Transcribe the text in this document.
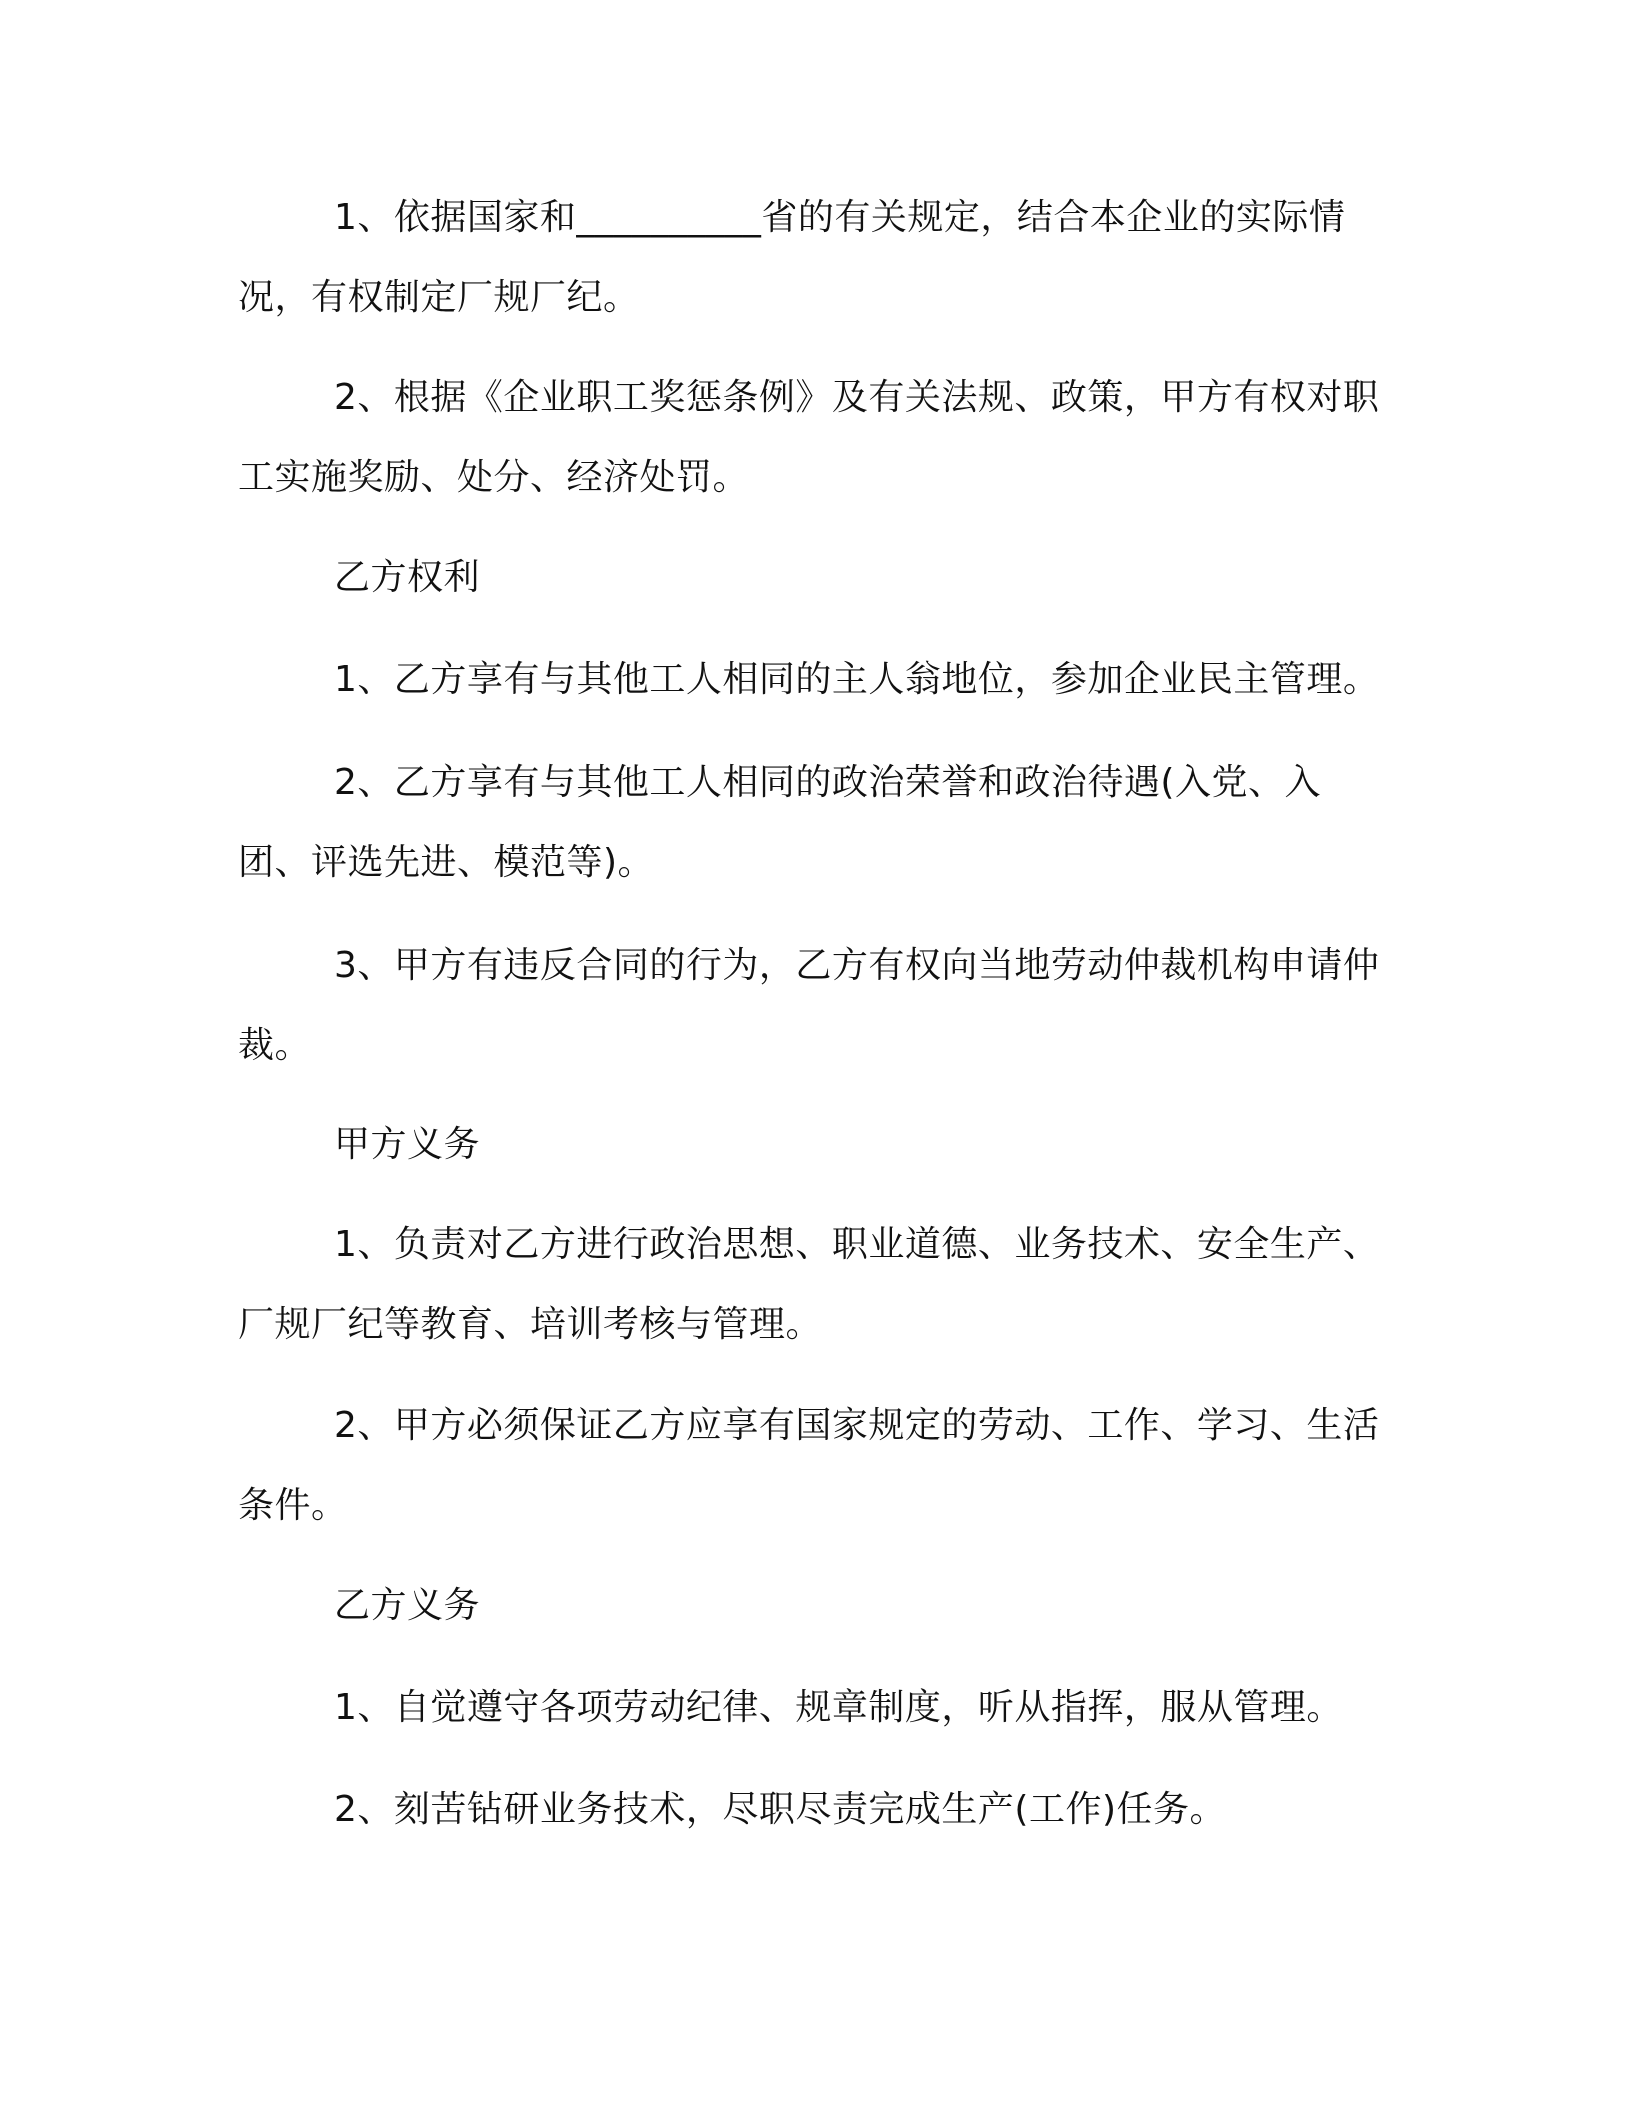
1、依据国家和__________省的有关规定，结合本企业的实际情况，有权制定厂规厂纪。

2、根据《企业职工奖惩条例》及有关法规、政策，甲方有权对职工实施奖励、处分、经济处罚。

乙方权利

1、乙方享有与其他工人相同的主人翁地位，参加企业民主管理。

2、乙方享有与其他工人相同的政治荣誉和政治待遇(入党、入团、评选先进、模范等)。

3、甲方有违反合同的行为，乙方有权向当地劳动仲裁机构申请仲裁。

甲方义务

1、负责对乙方进行政治思想、职业道德、业务技术、安全生产、厂规厂纪等教育、培训考核与管理。

2、甲方必须保证乙方应享有国家规定的劳动、工作、学习、生活条件。

乙方义务

1、自觉遵守各项劳动纪律、规章制度，听从指挥，服从管理。

2、刻苦钻研业务技术，尽职尽责完成生产(工作)任务。
